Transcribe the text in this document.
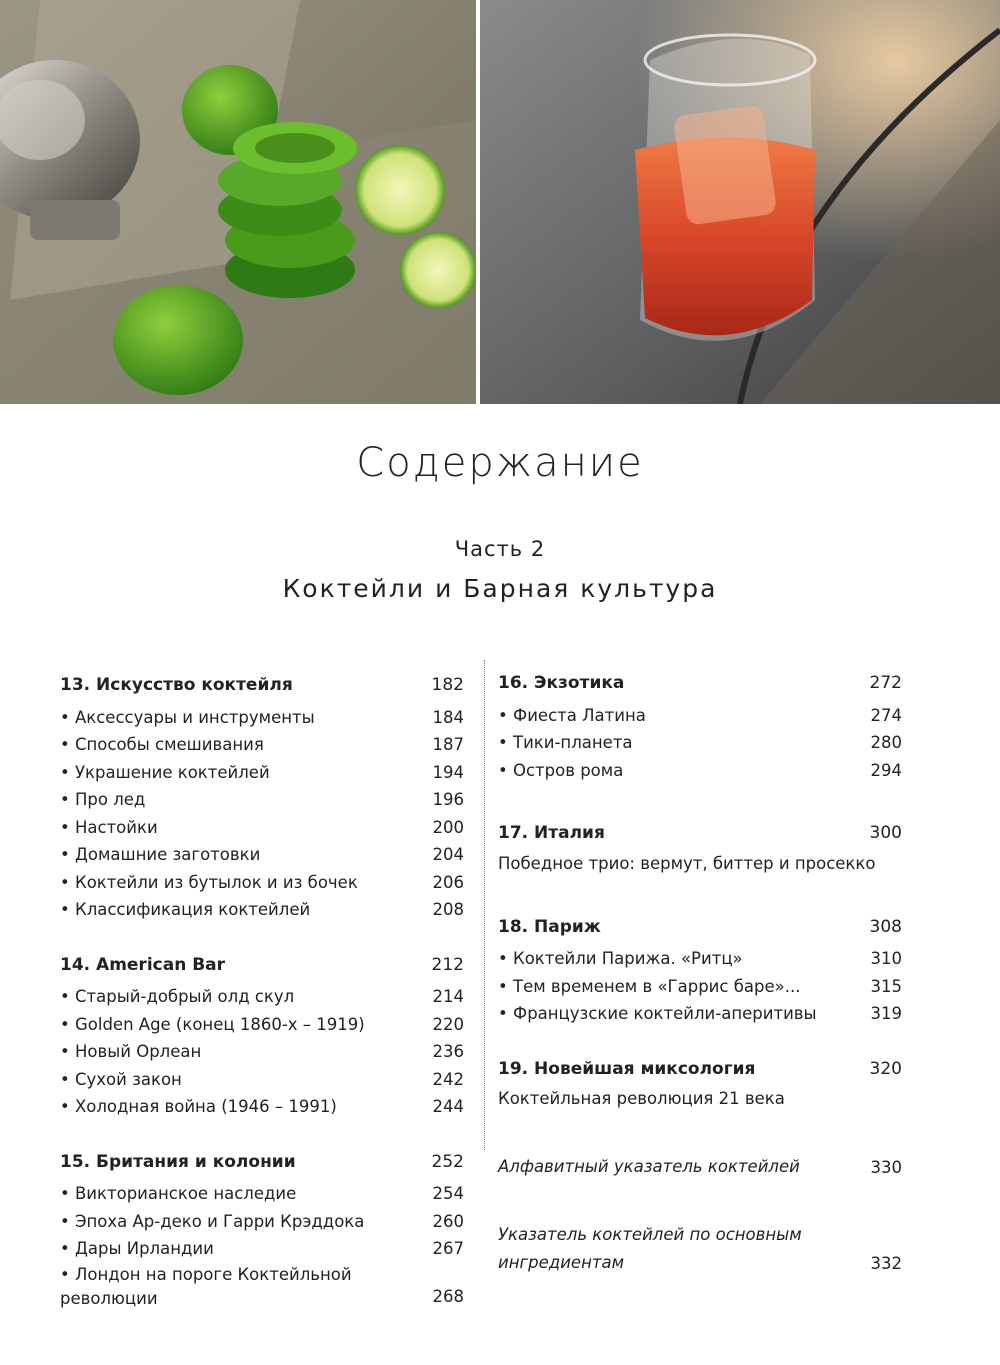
Содержание
Часть 2
Коктейли и Барная культура
13. Искусство коктейля	182
• Аксессуары и инструменты	184
• Способы смешивания	187
• Украшение коктейлей	194
• Про лед	196
• Настойки	200
• Домашние заготовки	204
• Коктейли из бутылок и из бочек	206
• Классификация коктейлей	208
14. American Bar	212
• Старый-добрый олд скул	214
• Golden Age (конец 1860-х – 1919)	220
• Новый Орлеан	236
• Сухой закон	242
• Холодная война (1946 – 1991)	244
15. Британия и колонии	252
• Викторианское наследие	254
• Эпоха Ар-деко и Гарри Крэддока	260
• Дары Ирландии	267
• Лондон на пороге Коктейльной революции	268
16. Экзотика	272
• Фиеста Латина	274
• Тики-планета	280
• Остров рома	294
17. Италия	300
Победное трио: вермут, биттер и просекко
18. Париж	308
• Коктейли Парижа. «Ритц»	310
• Тем временем в «Гаррис баре»...	315
• Французские коктейли-аперитивы	319
19. Новейшая миксология	320
Коктейльная революция 21 века
Алфавитный указатель коктейлей	330
Указатель коктейлей по основным ингредиентам	332
